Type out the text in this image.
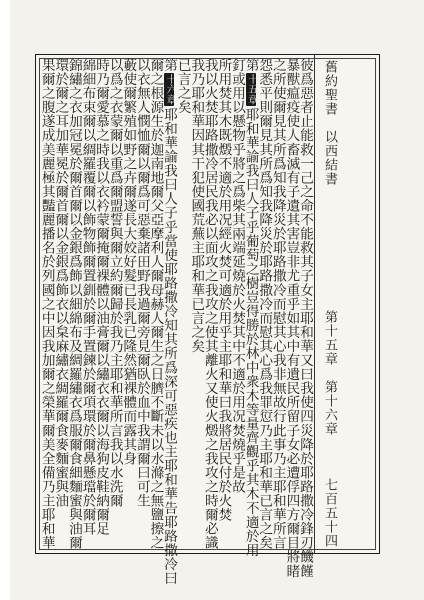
舊約聖書
以西結書
第十五章　第十六章
七百五十四
彼爲惡者止能救一己之命不能救其子女主耶和華又曰我使四災降於耶路撒冷鋒刃饑饉
暴獸瘟疫使人畜滅有子遺其害豈非尤重乎如其中有遺民所留子女必遭俘四方爾目將睹
之所使爾見其所爲知我降災於耶路撒冷而慰其心我非無故行此事乃主耶和華所言
怨悉平則爾見其所爲知我降災於耶路撒冷而慰其心爲我罪愆乃主耶和華已言之矣
第十五章耶和華諭我曰人子乎葡萄之樹豈得勝於林中衆木等量齊觀乎其木不適於用
釘或用以懸物乎將之爲柴其兩端延燒於火焚其中不適於用况焚燒乎是故
所用焚其木既燬不適於用况經火焚可適於用乎主耶和華曰我將居民付於火焚
我以火焚耶路撒冷居民我必以面攻之我攻之使其離火又使火燬之我攻之時爾必識
我乃耶和華因其干犯使國荒蕪主耶和華已言之矣
已言之矣
第十六章耶和華諭我曰人子乎當使耶路撒冷知其所爲深可惡疾也主耶和華告耶路撒冷曰
爾之根源生於迦南地爾父亞摩利人爾母赫人爾生之日臍不斷未以水滌之無鹽擦之
以衣無人憫恤爾以爾爲可惡棄諸田野我過爾旁見爾臥於血中我謂爾曰可生
藪使爾繁殖如野之卉爾遂長大姣好髮已長乳已隆然猶裸體而露其身
以爲之衣蒙爾以重爲爾盟誓與爾立約爾歸於我乃主耶和華所言我以水洗爾
時乃爾愛慕之時我以衣衿蒙爾掩爾裸體以油膏爾以繡衣衣爾以海狗皮鞋納爾足
綿細布束爾以綢羅覆爾以飾物飾爾置釧於爾手置鍊於爾項環於爾鼻懸璫於爾耳
錦繡之衣加冠冕於爾首爾以金銀爲飾以細綿布及綢羅繡衣爲服爾食細麵蜜與油爾
環於爾之耳加華冕於爾首爾以金銀爲飾衣以枲麻繡衣綢羅爾食麥麵蜜與油
果爾之腹遂成美麗極其豔麗播名於列國之中因我加爾之榮華爾美全備乃主耶和華
